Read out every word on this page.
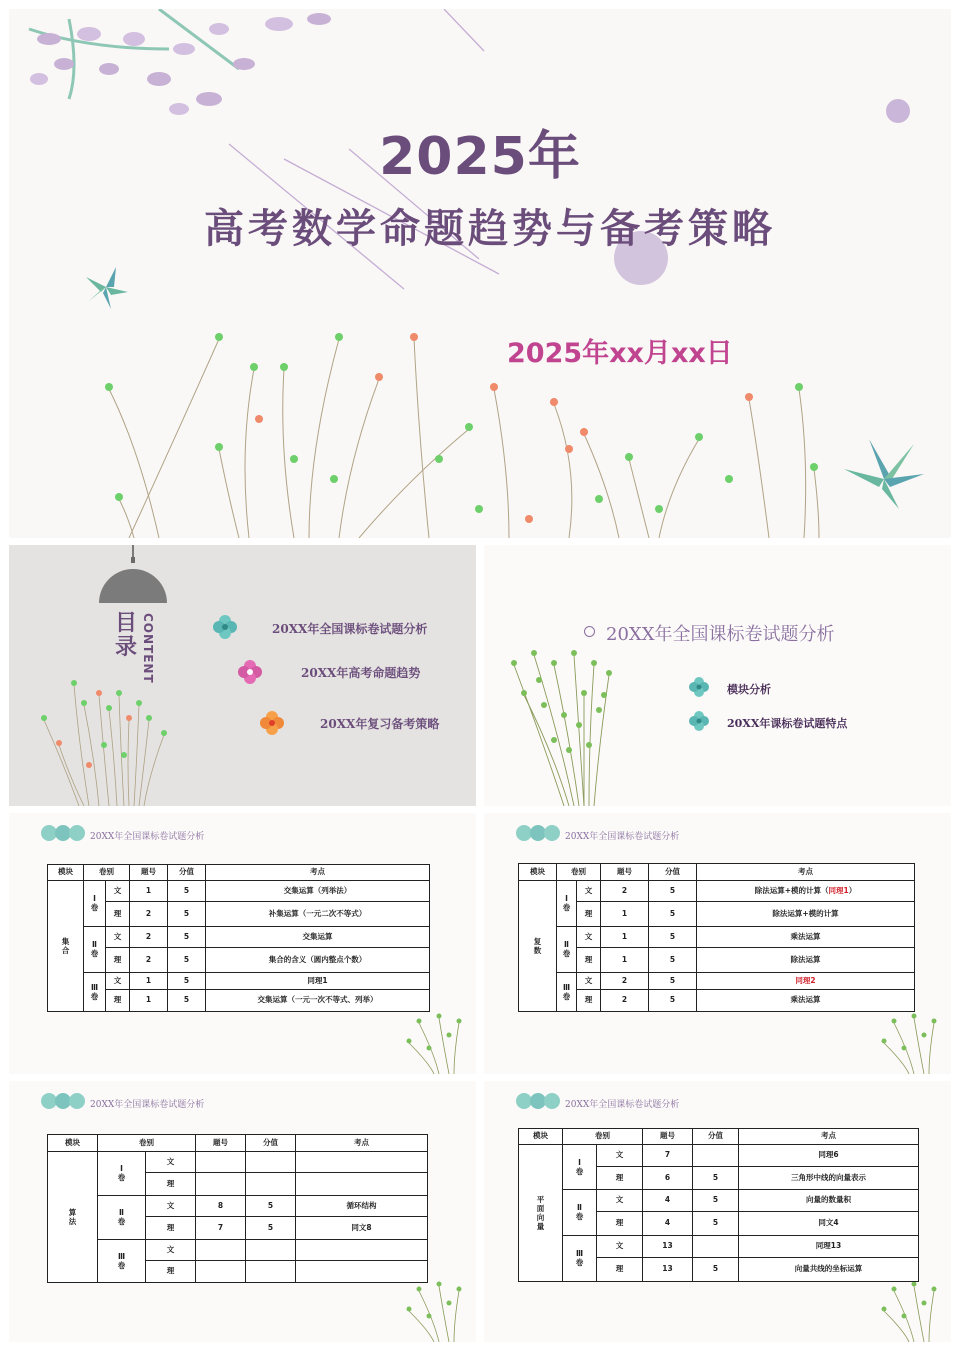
2025年
高考数学命题趋势与备考策略
2025年xx月xx日
目录 CONTENT	20XX年全国课标卷试题分析
20XX年高考命题趋势
20XX年复习备考策略
20XX年全国课标卷试题分析
模块分析
20XX年课标卷试题特点
20XX年全国课标卷试题分析
模块	卷别		题号	分值	考点
集合	Ⅰ卷	文	1	5	交集运算（列举法）
		理	2	5	补集运算（一元二次不等式）
	Ⅱ卷	文	2	5	交集运算
		理	2	5	集合的含义（圆内整点个数）
	Ⅲ卷	文	1	5	同理1
		理	1	5	交集运算（一元一次不等式、列举）
20XX年全国课标卷试题分析
模块	卷别		题号	分值	考点
复数	Ⅰ卷	文	2	5	除法运算+模的计算（同理1）
		理	1	5	除法运算+模的计算
	Ⅱ卷	文	1	5	乘法运算
		理	1	5	除法运算
	Ⅲ卷	文	2	5	同理2
		理	2	5	乘法运算
20XX年全国课标卷试题分析
模块	卷别		题号	分值	考点
算法	Ⅰ卷	文			
		理			
	Ⅱ卷	文	8	5	循环结构
		理	7	5	同文8
	Ⅲ卷	文			
		理			
20XX年全国课标卷试题分析
模块	卷别		题号	分值	考点
平面向量	Ⅰ卷	文	7		同理6
		理	6	5	三角形中线的向量表示
	Ⅱ卷	文	4	5	向量的数量积
		理	4	5	同文4
	Ⅲ卷	文	13		同理13
		理	13	5	向量共线的坐标运算
